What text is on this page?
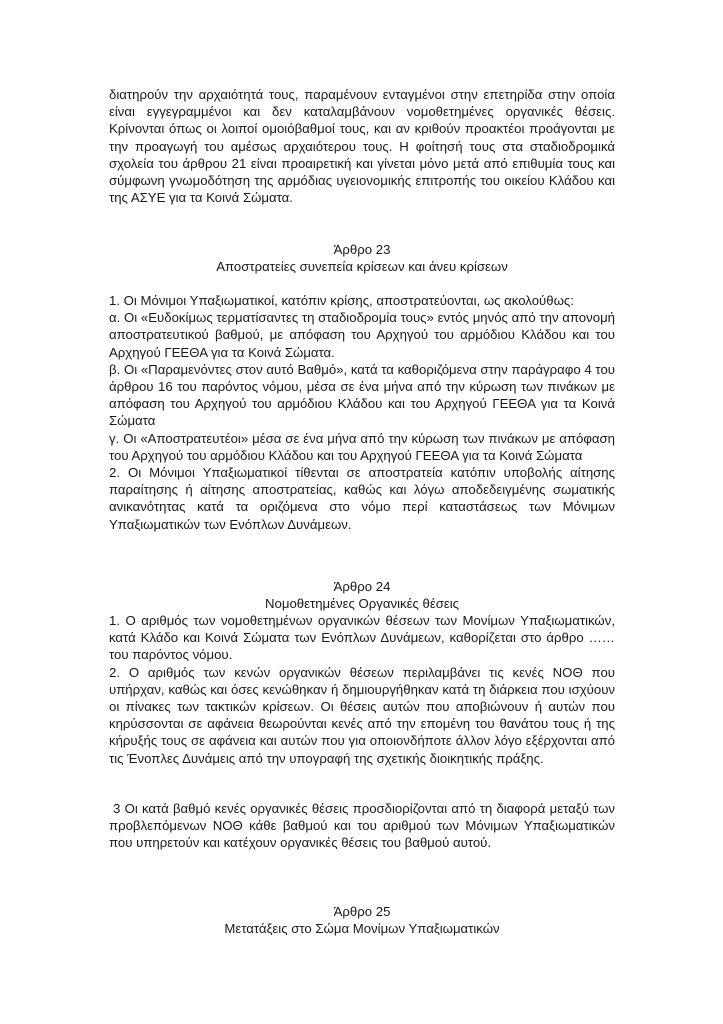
διατηρούν την αρχαιότητά τους, παραμένουν ενταγμένοι στην επετηρίδα στην οποία είναι εγγεγραμμένοι και δεν καταλαμβάνουν νομοθετημένες οργανικές θέσεις. Κρίνονται όπως οι λοιποί ομοιόβαθμοί τους, και αν κριθούν προακτέοι προάγονται με την προαγωγή του αμέσως αρχαιότερου τους. Η φοίτησή τους στα σταδιοδρομικά σχολεία του άρθρου 21 είναι προαιρετική και γίνεται μόνο μετά από επιθυμία τους και σύμφωνη γνωμοδότηση της αρμόδιας υγειονομικής επιτροπής του οικείου Κλάδου και της ΑΣΥΕ για τα Κοινά Σώματα.

Άρθρο 23
Αποστρατείες συνεπεία κρίσεων και άνευ κρίσεων

1. Οι Μόνιμοι Υπαξιωματικοί, κατόπιν κρίσης, αποστρατεύονται, ως ακολούθως:

α. Οι «Ευδοκίμως τερματίσαντες τη σταδιοδρομία τους» εντός μηνός από την απονομή αποστρατευτικού βαθμού, με απόφαση του Αρχηγού του αρμόδιου Κλάδου και του Αρχηγού ΓΕΕΘΑ για τα Κοινά Σώματα.

β. Οι «Παραμενόντες στον αυτό Βαθμό», κατά τα καθοριζόμενα στην παράγραφο 4 του άρθρου 16 του παρόντος νόμου, μέσα σε ένα μήνα από την κύρωση των πινάκων με απόφαση του Αρχηγού του αρμόδιου Κλάδου και του Αρχηγού ΓΕΕΘΑ για τα Κοινά Σώματα

γ. Οι «Αποστρατευτέοι» μέσα σε ένα μήνα από την κύρωση των πινάκων με απόφαση του Αρχηγού του αρμόδιου Κλάδου και του Αρχηγού ΓΕΕΘΑ για τα Κοινά Σώματα

2. Οι Μόνιμοι Υπαξιωματικοί τίθενται σε αποστρατεία κατόπιν υποβολής αίτησης παραίτησης ή αίτησης αποστρατείας, καθώς και λόγω αποδεδειγμένης σωματικής ανικανότητας κατά τα οριζόμενα στο νόμο περί καταστάσεως των Μόνιμων Υπαξιωματικών των Ενόπλων Δυνάμεων.

Άρθρο 24
Νομοθετημένες Οργανικές θέσεις

1. Ο αριθμός των νομοθετημένων οργανικών θέσεων των Μονίμων Υπαξιωματικών, κατά Κλάδο και Κοινά Σώματα των Ενόπλων Δυνάμεων, καθορίζεται στο άρθρο …… του παρόντος νόμου.

2. Ο αριθμός των κενών οργανικών θέσεων περιλαμβάνει τις κενές ΝΟΘ που υπήρχαν, καθώς και όσες κενώθηκαν ή δημιουργήθηκαν κατά τη διάρκεια που ισχύουν οι πίνακες των τακτικών κρίσεων. Οι θέσεις αυτών που αποβιώνουν ή αυτών που κηρύσσονται σε αφάνεια θεωρούνται κενές από την επομένη του θανάτου τους ή της κήρυξής τους σε αφάνεια και αυτών που για οποιονδήποτε άλλον λόγο εξέρχονται από τις Ένοπλες Δυνάμεις από την υπογραφή της σχετικής διοικητικής πράξης.

3 Οι κατά βαθμό κενές οργανικές θέσεις προσδιορίζονται από τη διαφορά μεταξύ των προβλεπόμενων ΝΟΘ κάθε βαθμού και του αριθμού των Μόνιμων Υπαξιωματικών που υπηρετούν και κατέχουν οργανικές θέσεις του βαθμού αυτού.

Άρθρο 25
Μετατάξεις στο Σώμα Μονίμων Υπαξιωματικών
